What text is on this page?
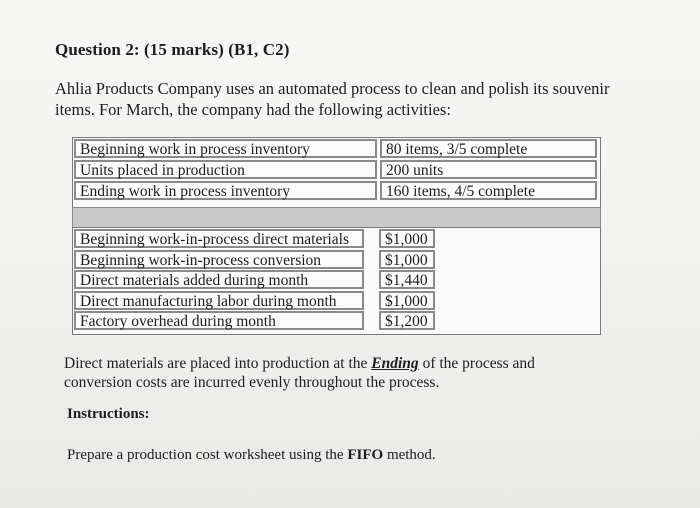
Question 2: (15 marks) (B1, C2)
Ahlia Products Company uses an automated process to clean and polish its souvenir
items. For March, the company had the following activities:
Beginning work in process inventory
Units placed in production
Ending work in process inventory
80 items, 3/5 complete
200 units
160 items, 4/5 complete
Beginning work-in-process direct materials
Beginning work-in-process conversion
Direct materials added during month
Direct manufacturing labor during month
Factory overhead during month
$1,000
$1,000
$1,440
$1,000
$1,200
Direct materials are placed into production at the Ending of the process and
conversion costs are incurred evenly throughout the process.
Instructions:
Prepare a production cost worksheet using the FIFO method.
